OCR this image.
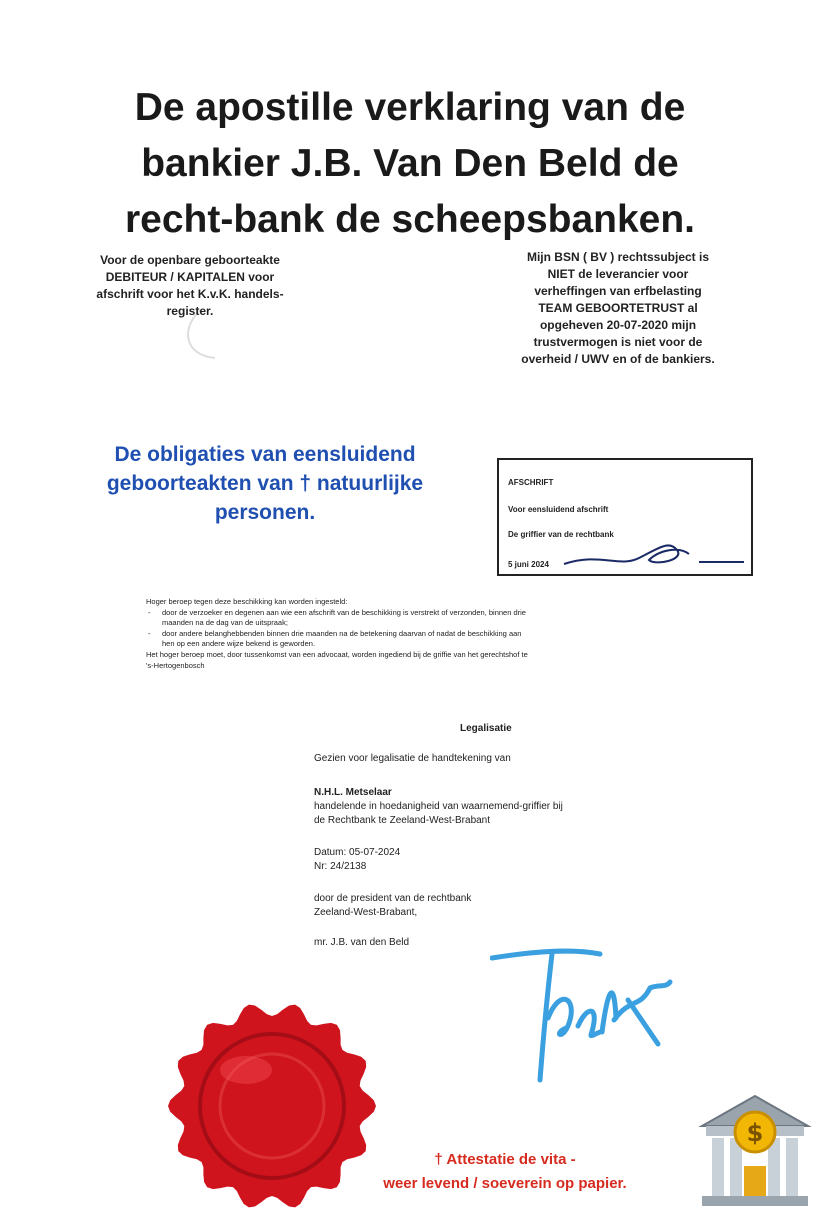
De apostille verklaring van de
bankier J.B. Van Den Beld de
recht-bank de scheepsbanken.
Voor de openbare geboorteakte
DEBITEUR / KAPITALEN voor
afschrift voor het K.v.K. handels-
register.
Mijn BSN ( BV ) rechtssubject is
NIET de leverancier voor
verheffingen van erfbelasting
TEAM GEBOORTETRUST al
opgeheven 20-07-2020 mijn
trustvermogen is niet voor de
overheid / UWV en of de bankiers.
De obligaties van eensluidend
geboorteakten van † natuurlijke
personen.
AFSCHRIFT
Voor eensluidend afschrift
De griffier van de rechtbank
5 juni 2024
Hoger beroep tegen deze beschikking kan worden ingesteld:
- door de verzoeker en degenen aan wie een afschrift van de beschikking is verstrekt of verzonden, binnen drie
maanden na de dag van de uitspraak;
- door andere belanghebbenden binnen drie maanden na de betekening daarvan of nadat de beschikking aan
hen op een andere wijze bekend is geworden.
Het hoger beroep moet, door tussenkomst van een advocaat, worden ingediend bij de griffie van het gerechtshof te
's-Hertogenbosch
Legalisatie
Gezien voor legalisatie de handtekening van
N.H.L. Metselaar
handelende in hoedanigheid van waarnemend-griffier bij
de Rechtbank te Zeeland-West-Brabant
Datum: 05-07-2024
Nr: 24/2138
door de president van de rechtbank
Zeeland-West-Brabant,
mr. J.B. van den Beld
† Attestatie de vita -
weer levend / soeverein op papier.
$
